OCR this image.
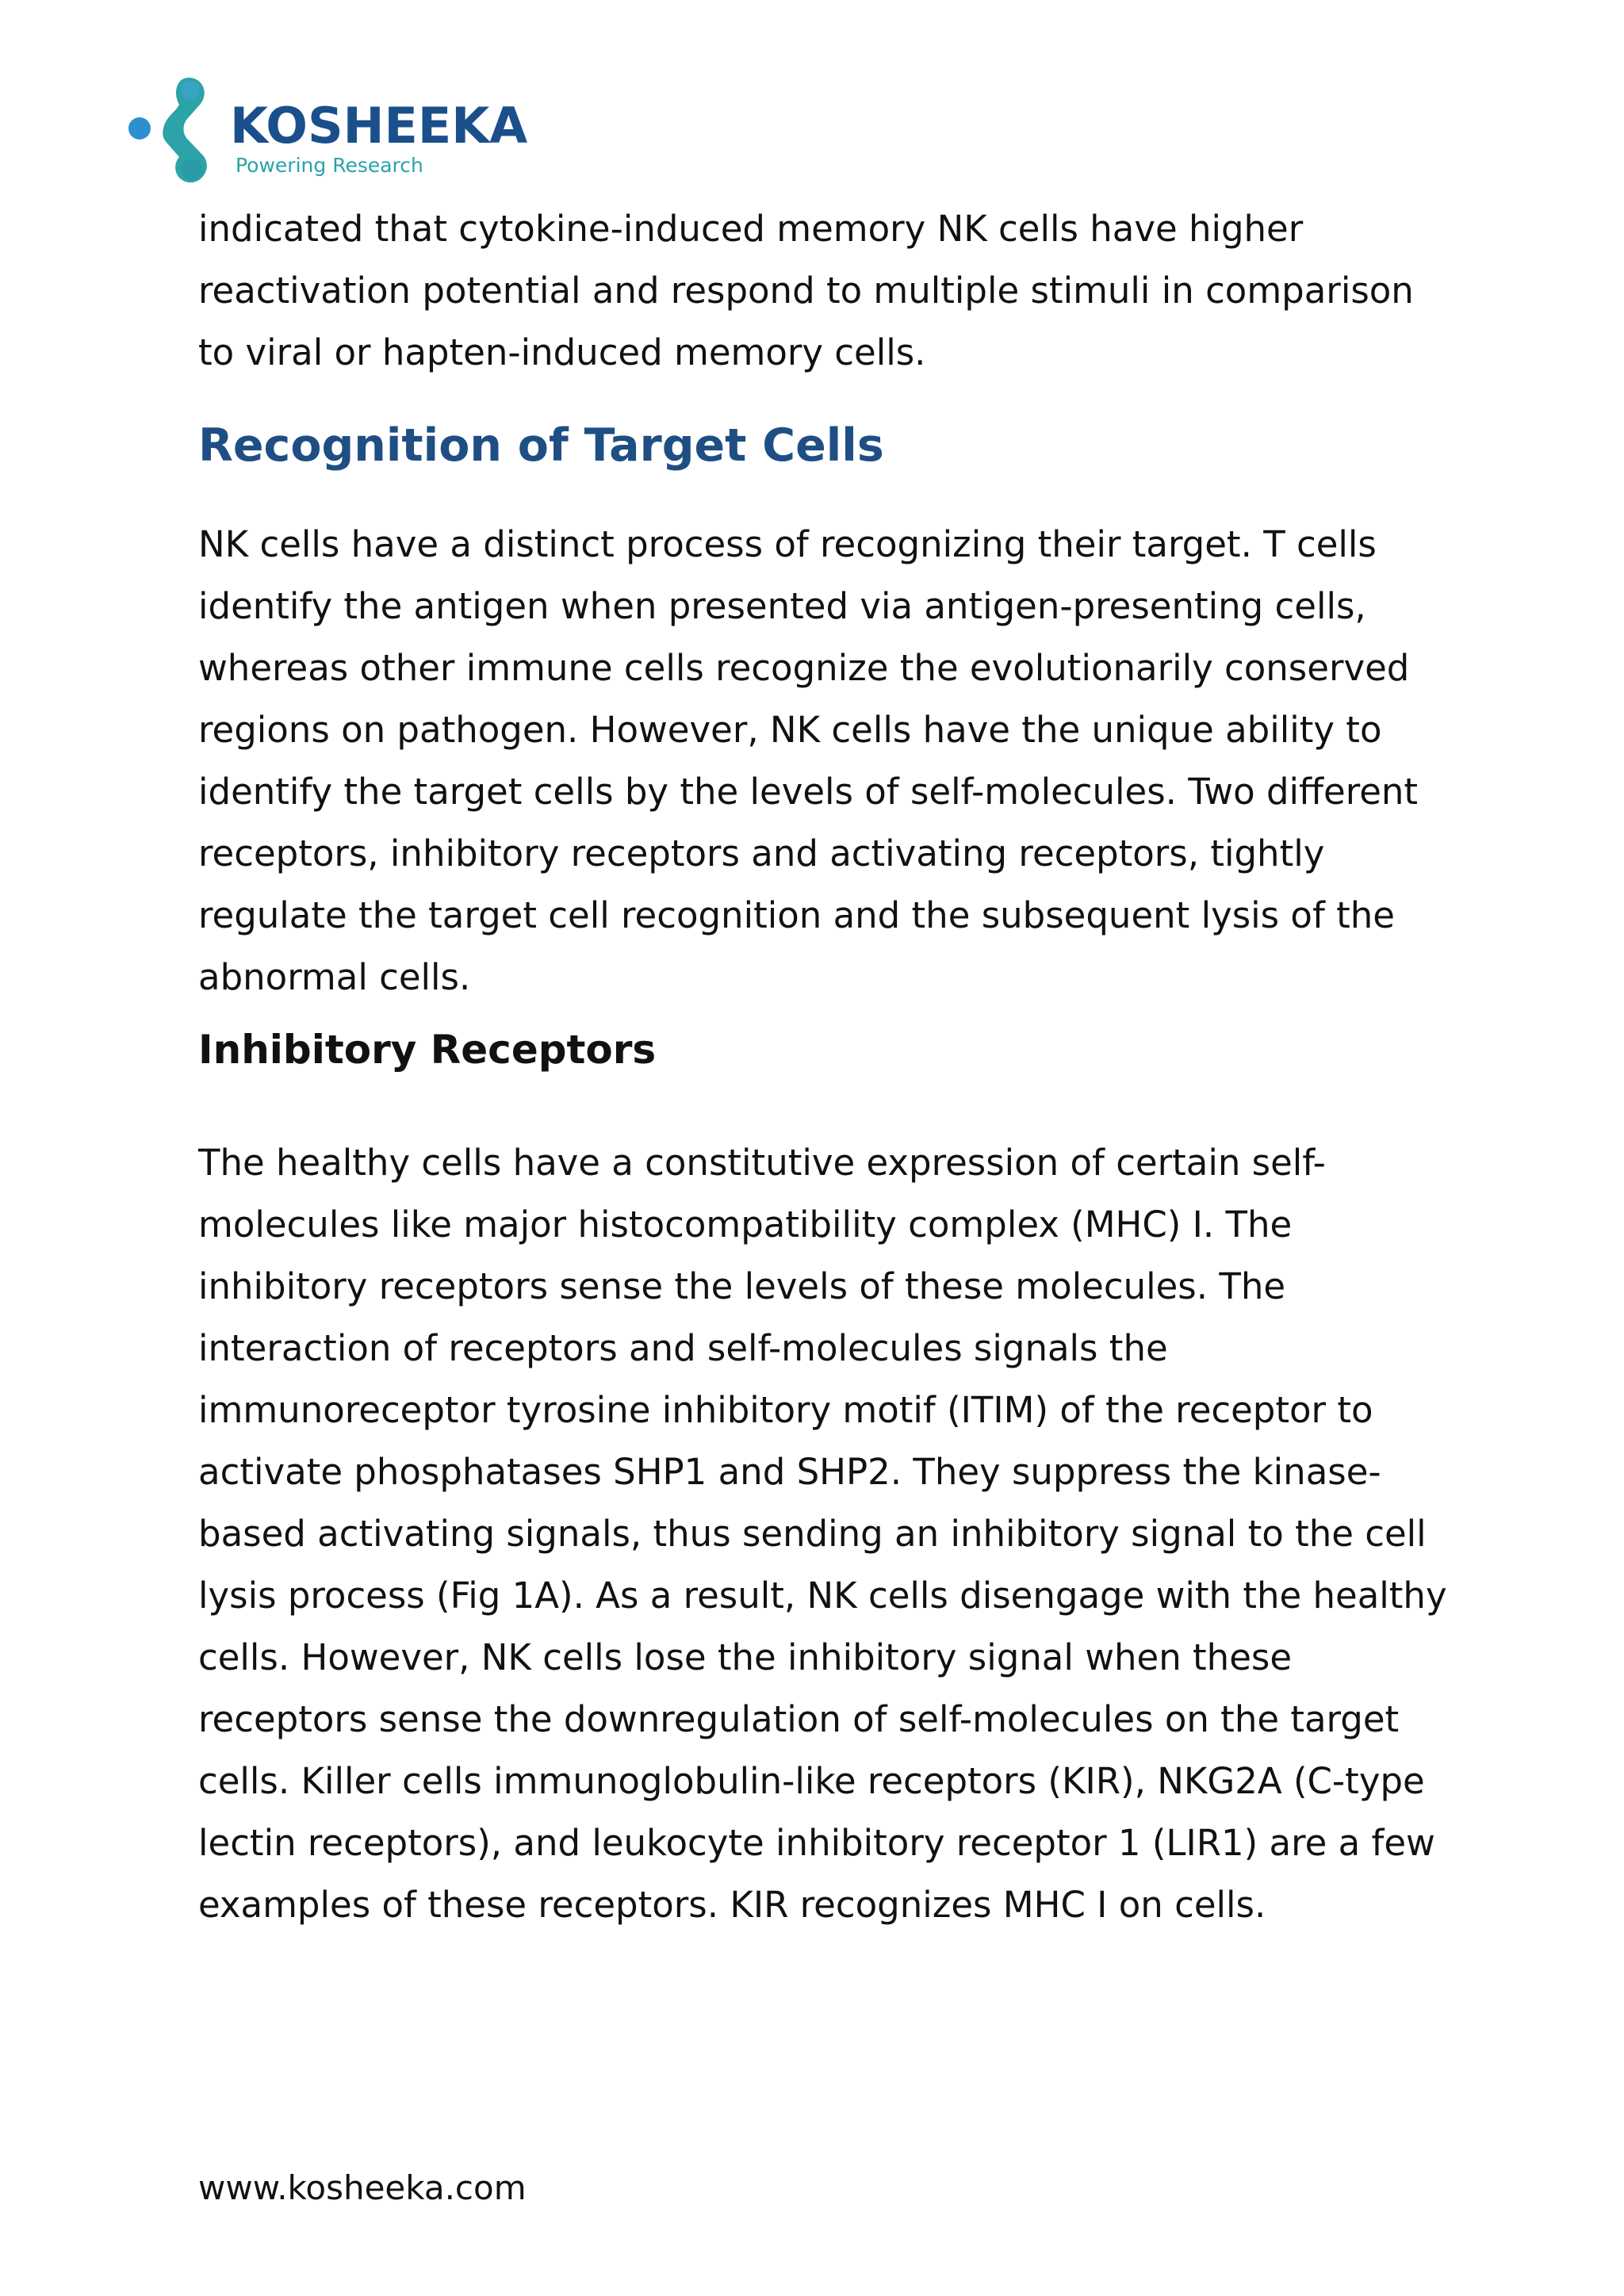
KOSHEEKA
Powering Research

indicated that cytokine-induced memory NK cells have higher
reactivation potential and respond to multiple stimuli in comparison
to viral or hapten-induced memory cells.

Recognition of Target Cells

NK cells have a distinct process of recognizing their target. T cells
identify the antigen when presented via antigen-presenting cells,
whereas other immune cells recognize the evolutionarily conserved
regions on pathogen. However, NK cells have the unique ability to
identify the target cells by the levels of self-molecules. Two different
receptors, inhibitory receptors and activating receptors, tightly
regulate the target cell recognition and the subsequent lysis of the
abnormal cells.

Inhibitory Receptors

The healthy cells have a constitutive expression of certain self-
molecules like major histocompatibility complex (MHC) I. The
inhibitory receptors sense the levels of these molecules. The
interaction of receptors and self-molecules signals the
immunoreceptor tyrosine inhibitory motif (ITIM) of the receptor to
activate phosphatases SHP1 and SHP2. They suppress the kinase-
based activating signals, thus sending an inhibitory signal to the cell
lysis process (Fig 1A). As a result, NK cells disengage with the healthy
cells. However, NK cells lose the inhibitory signal when these
receptors sense the downregulation of self-molecules on the target
cells. Killer cells immunoglobulin-like receptors (KIR), NKG2A (C-type
lectin receptors), and leukocyte inhibitory receptor 1 (LIR1) are a few
examples of these receptors. KIR recognizes MHC I on cells.

www.kosheeka.com
